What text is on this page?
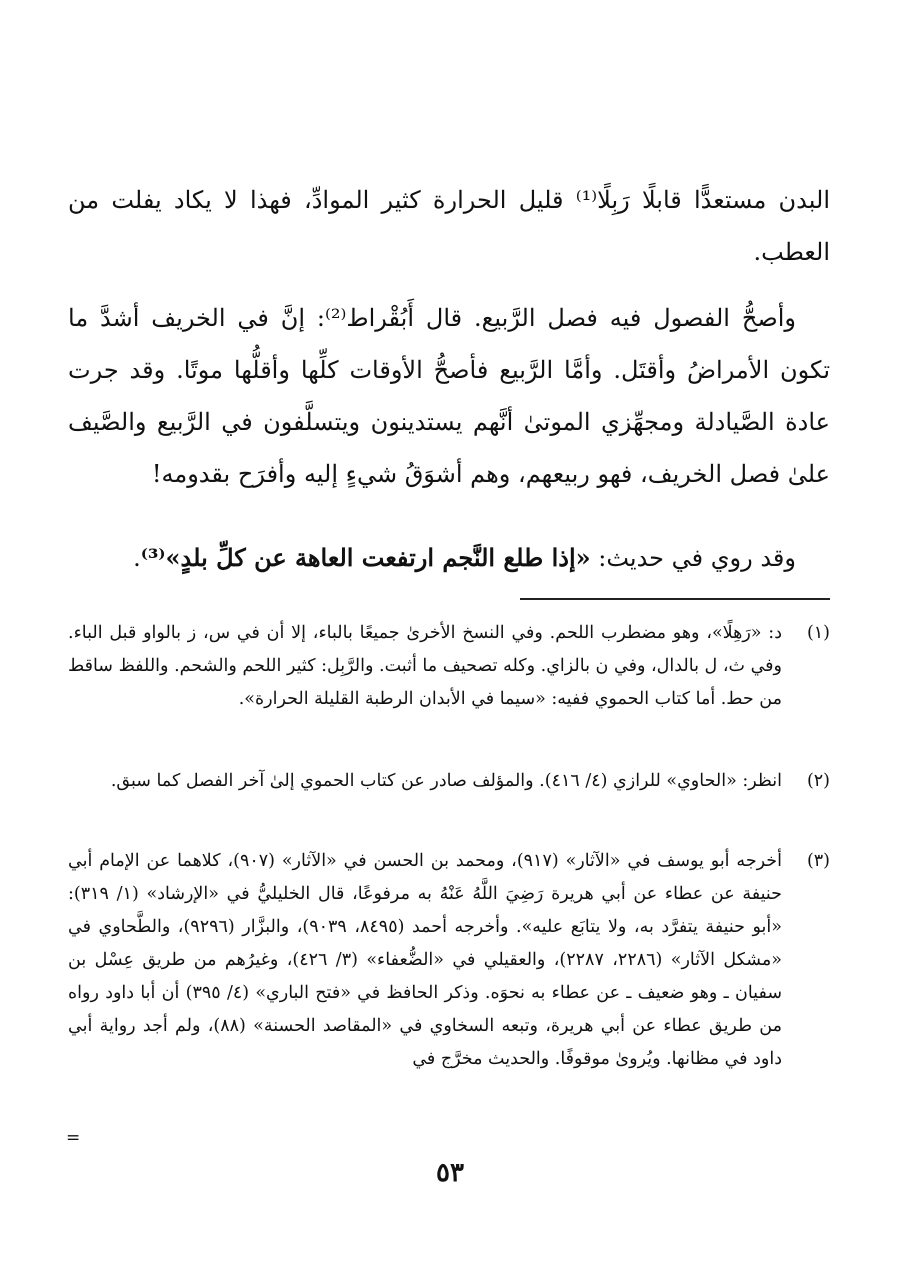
البدن مستعدًّا قابلًا رَبِلًا⁽¹⁾ قليل الحرارة كثير الموادِّ، فهذا لا يكاد يفلت من العطب.

وأصحُّ الفصول فيه فصل الرَّبيع. قال أَبُقْراط⁽²⁾: إنَّ في الخريف أشدَّ ما تكون الأمراضُ وأقتَل. وأمَّا الرَّبيع فأصحُّ الأوقات كلِّها وأقلُّها موتًا. وقد جرت عادة الصَّيادلة ومجهِّزي الموتىٰ أنَّهم يستدينون ويتسلَّفون في الرَّبيع والصَّيف علىٰ فصل الخريف، فهو ربيعهم، وهم أشوَقُ شيءٍ إليه وأفرَح بقدومه!

وقد روي في حديث: «إذا طلع النَّجم ارتفعت العاهة عن كلِّ بلدٍ»⁽³⁾.

(١)
د: «رَهِلًا»، وهو مضطرب اللحم. وفي النسخ الأخرىٰ جميعًا بالباء، إلا أن في س، ز بالواو قبل الباء. وفي ث، ل بالدال، وفي ن بالزاي. وكله تصحيف ما أثبت. والرَّبِل: كثير اللحم والشحم. واللفظ ساقط من حط. أما كتاب الحموي ففيه: «سيما في الأبدان الرطبة القليلة الحرارة».
(٢)
انظر: «الحاوي» للرازي (٤/ ٤١٦). والمؤلف صادر عن كتاب الحموي إلىٰ آخر الفصل كما سبق.
(٣)
أخرجه أبو يوسف في «الآثار» (٩١٧)، ومحمد بن الحسن في «الآثار» (٩٠٧)، كلاهما عن الإمام أبي حنيفة عن عطاء عن أبي هريرة رَضِيَ اللَّهُ عَنْهُ به مرفوعًا، قال الخليليُّ في «الإرشاد» (١/ ٣١٩): «أبو حنيفة يتفرَّد به، ولا يتابَع عليه». وأخرجه أحمد (٨٤٩٥، ٩٠٣٩)، والبزَّار (٩٢٩٦)، والطَّحاوي في «مشكل الآثار» (٢٢٨٦، ٢٢٨٧)، والعقيلي في «الضُّعفاء» (٣/ ٤٢٦)، وغيرُهم من طريق عِسْل بن سفيان ـ وهو ضعيف ـ عن عطاء به نحوَه. وذكر الحافظ في «فتح الباري» (٤/ ٣٩٥) أن أبا داود رواه من طريق عطاء عن أبي هريرة، وتبعه السخاوي في «المقاصد الحسنة» (٨٨)، ولم أجد رواية أبي داود في مظانها. ويُروىٰ موقوفًا. والحديث مخرَّج في
=
٥٣
